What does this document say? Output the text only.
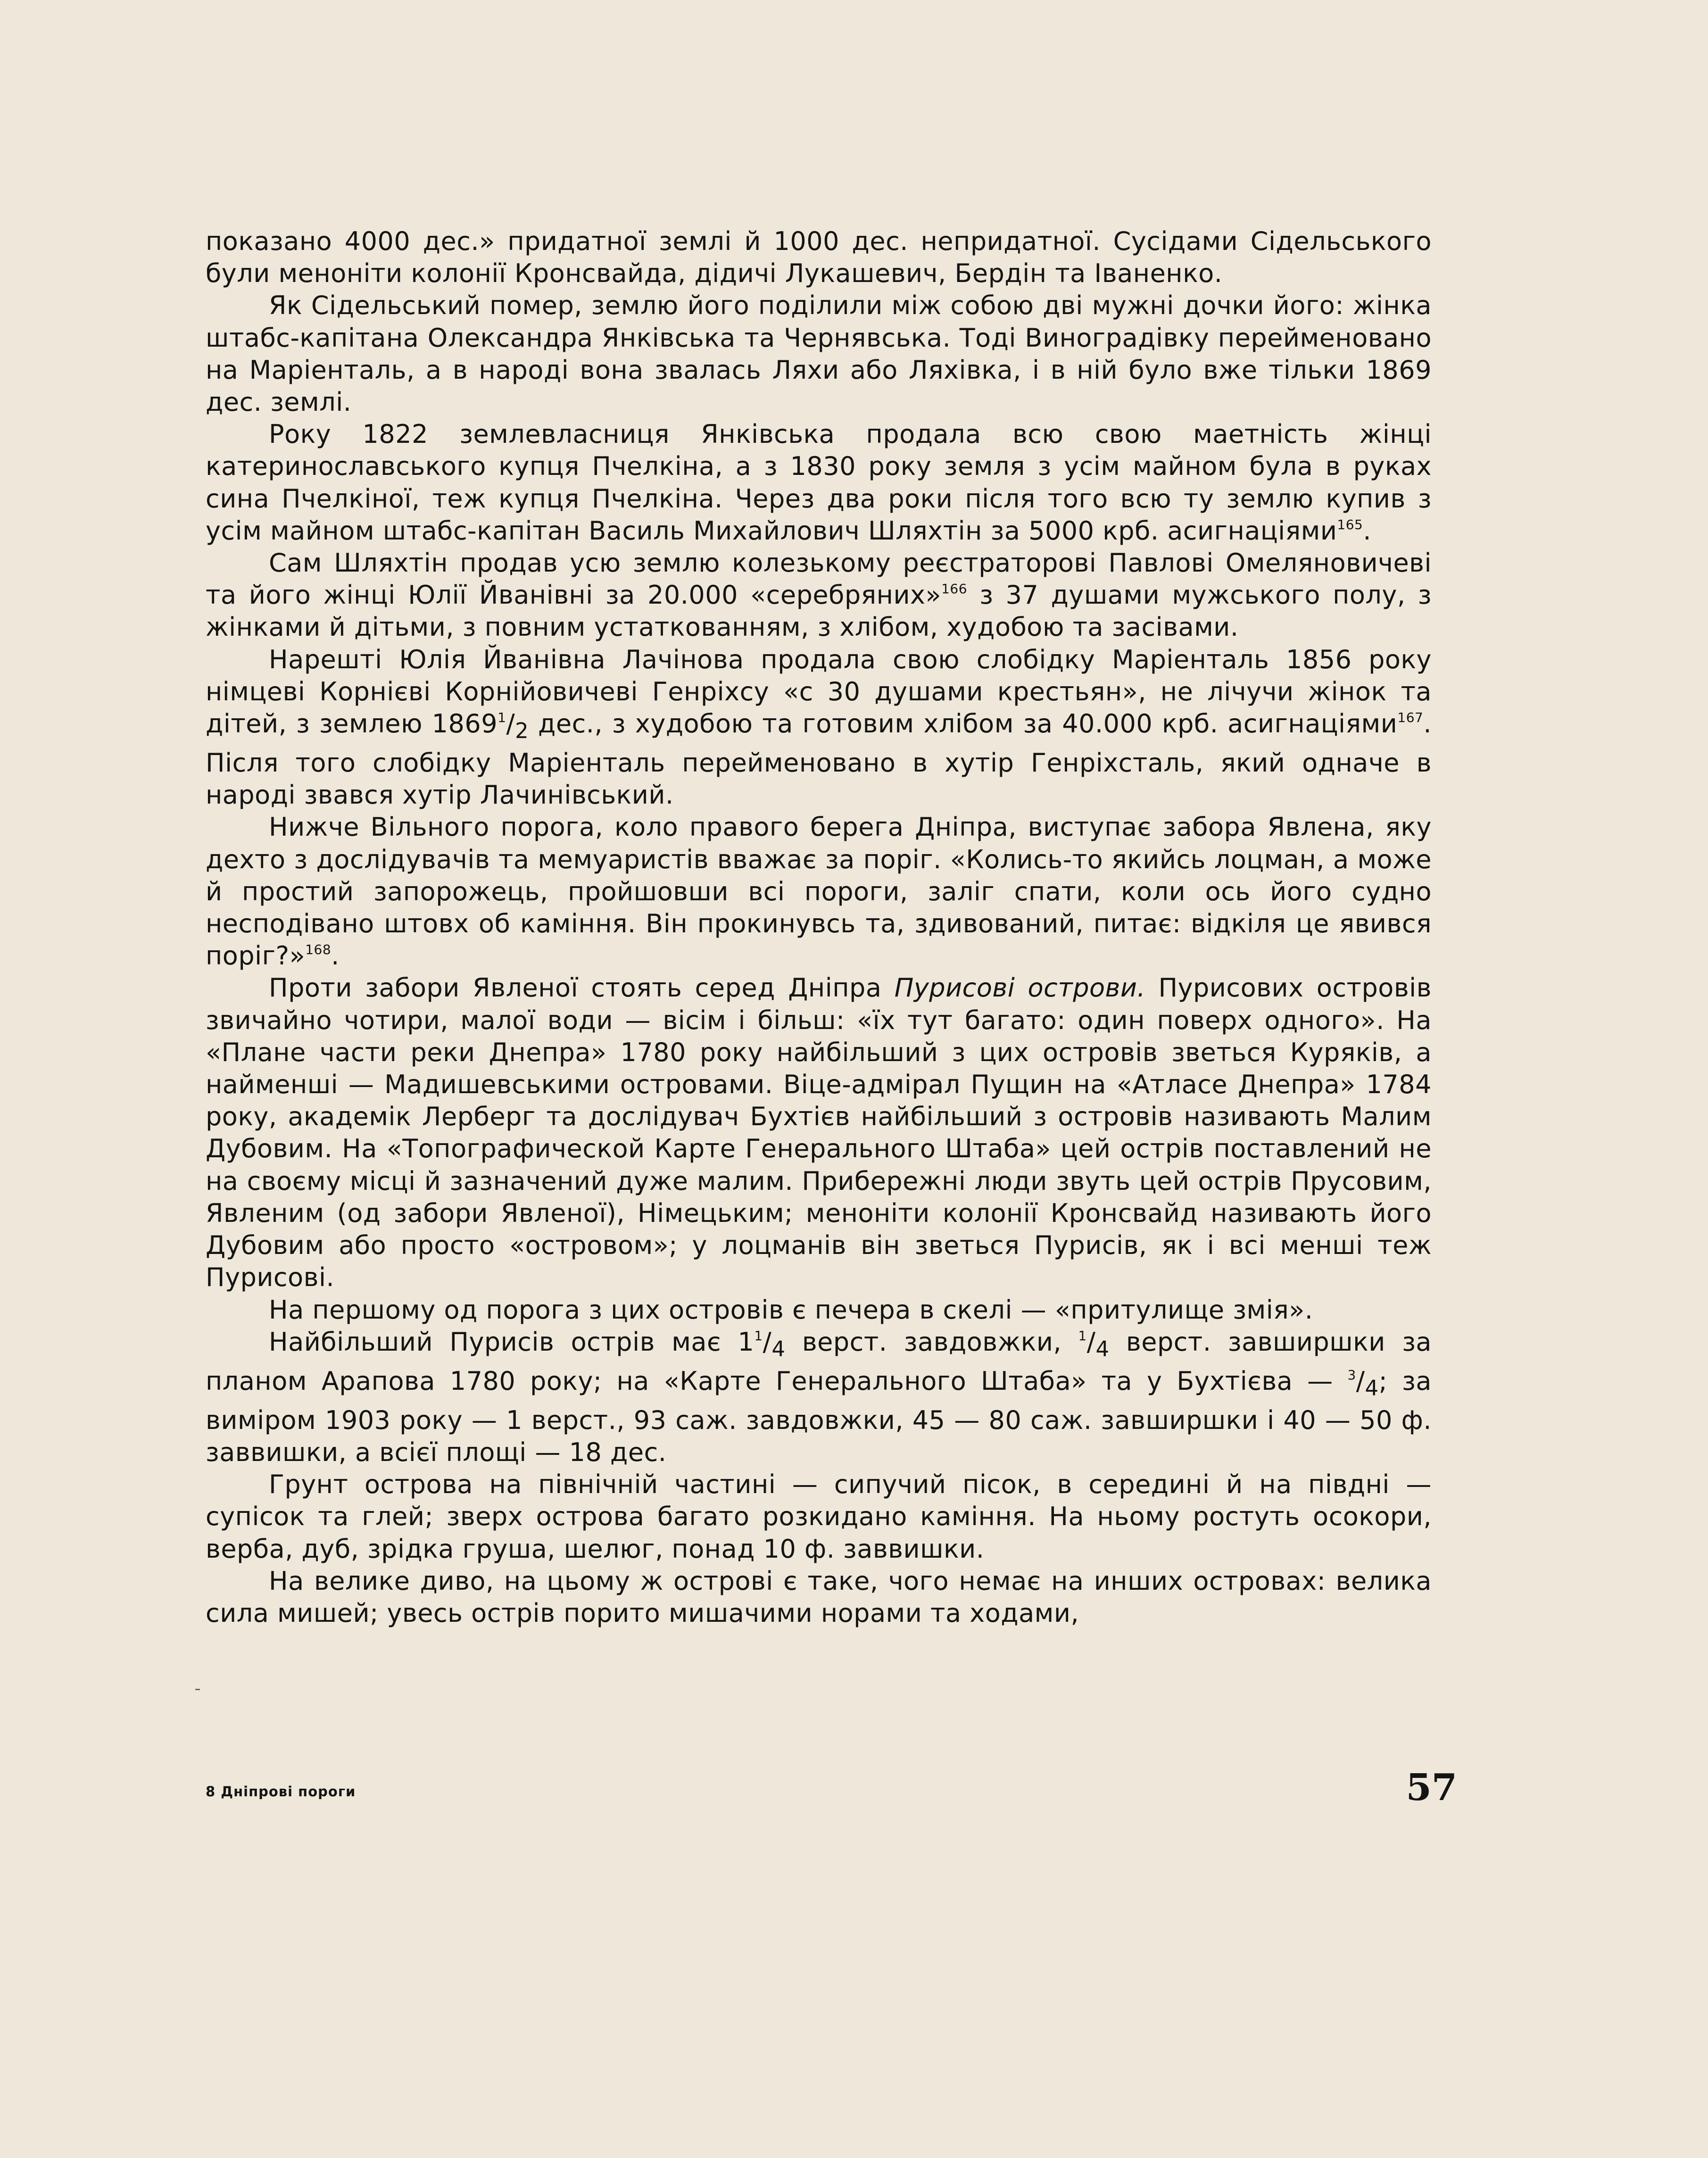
показано 4000 дес.» придатної землі й 1000 дес. непридатної. Сусідами Сідельського були меноніти колонії Кронсвайда, дідичі Лукашевич, Бердін та Іваненко.

Як Сідельський помер, землю його поділили між собою дві мужні дочки його: жінка штабс-капітана Олександра Янківська та Чернявська. Тоді Виноградівку перейменовано на Маріенталь, а в народі вона звалась Ляхи або Ляхівка, і в ній було вже тільки 1869 дес. землі.

Року 1822 землевласниця Янківська продала всю свою маетність жінці катеринославського купця Пчелкіна, а з 1830 року земля з усім майном була в руках сина Пчелкіної, теж купця Пчелкіна. Через два роки після того всю ту землю купив з усім майном штабс-капітан Василь Михайлович Шляхтін за 5000 крб. асигнаціями$^{165}$.

Сам Шляхтін продав усю землю колезькому реєстраторові Павлові Омеляновичеві та його жінці Юлії Йванівні за 20.000 «серебряних»$^{166}$ з 37 душами мужського полу, з жінками й дітьми, з повним устаткованням, з хлібом, худобою та засівами.

Нарешті Юлія Йванівна Лачінова продала свою слобідку Маріенталь 1856 року німцеві Корнієві Корнійовичеві Генріхсу «с 30 душами крестьян», не лічучи жінок та дітей, з землею $1869^1/_2$ дес., з худобою та готовим хлібом за 40.000 крб. асигнаціями$^{167}$. Після того слобідку Маріенталь перейменовано в хутір Генріхсталь, який одначе в народі звався хутір Лачинівський.

Нижче Вільного порога, коло правого берега Дніпра, виступає забора Явлена, яку дехто з дослідувачів та мемуаристів вважає за поріг. «Колись-то якийсь лоцман, а може й простий запорожець, пройшовши всі пороги, заліг спати, коли ось його судно несподівано штовх об каміння. Він прокинувсь та, здивований, питає: відкіля це явився поріг?»$^{168}$.

Проти забори Явленої стоять серед Дніпра Пурисові острови. Пурисових островів звичайно чотири, малої води — вісім і більш: «їх тут багато: один поверх одного». На «Плане части реки Днепра» 1780 року найбільший з цих островів зветься Куряків, а найменші — Мадишевськими островами. Віце-адмірал Пущин на «Атласе Днепра» 1784 року, академік Лерберг та дослідувач Бухтієв найбільший з островів називають Малим Дубовим. На «Топографической Карте Генерального Штаба» цей острів поставлений не на своєму місці й зазначений дуже малим. Прибережні люди звуть цей острів Прусовим, Явленим (од забори Явленої), Німецьким; меноніти колонії Кронсвайд називають його Дубовим або просто «островом»; у лоцманів він зветься Пурисів, як і всі менші теж Пурисові.

На першому од порога з цих островів є печера в скелі — «притулище змія».

Найбільший Пурисів острів має $1^1/_4$ верст. завдовжки, $^1/_4$ верст. завширшки за планом Арапова 1780 року; на «Карте Генерального Штаба» та у Бухтієва — $^3/_4$; за виміром 1903 року — 1 верст., 93 саж. завдовжки, 45 — 80 саж. завширшки і 40 — 50 ф. заввишки, а всієї площі — 18 дес.

Грунт острова на північній частині — сипучий пісок, в середині й на півдні — супісок та глей; зверх острова багато розкидано каміння. На ньому ростуть осокори, верба, дуб, зрідка груша, шелюг, понад 10 ф. заввишки.

На велике диво, на цьому ж острові є таке, чого немає на инших островах: велика сила мишей; увесь острів порито мишачими норами та ходами,

8 Дніпрові пороги	57
